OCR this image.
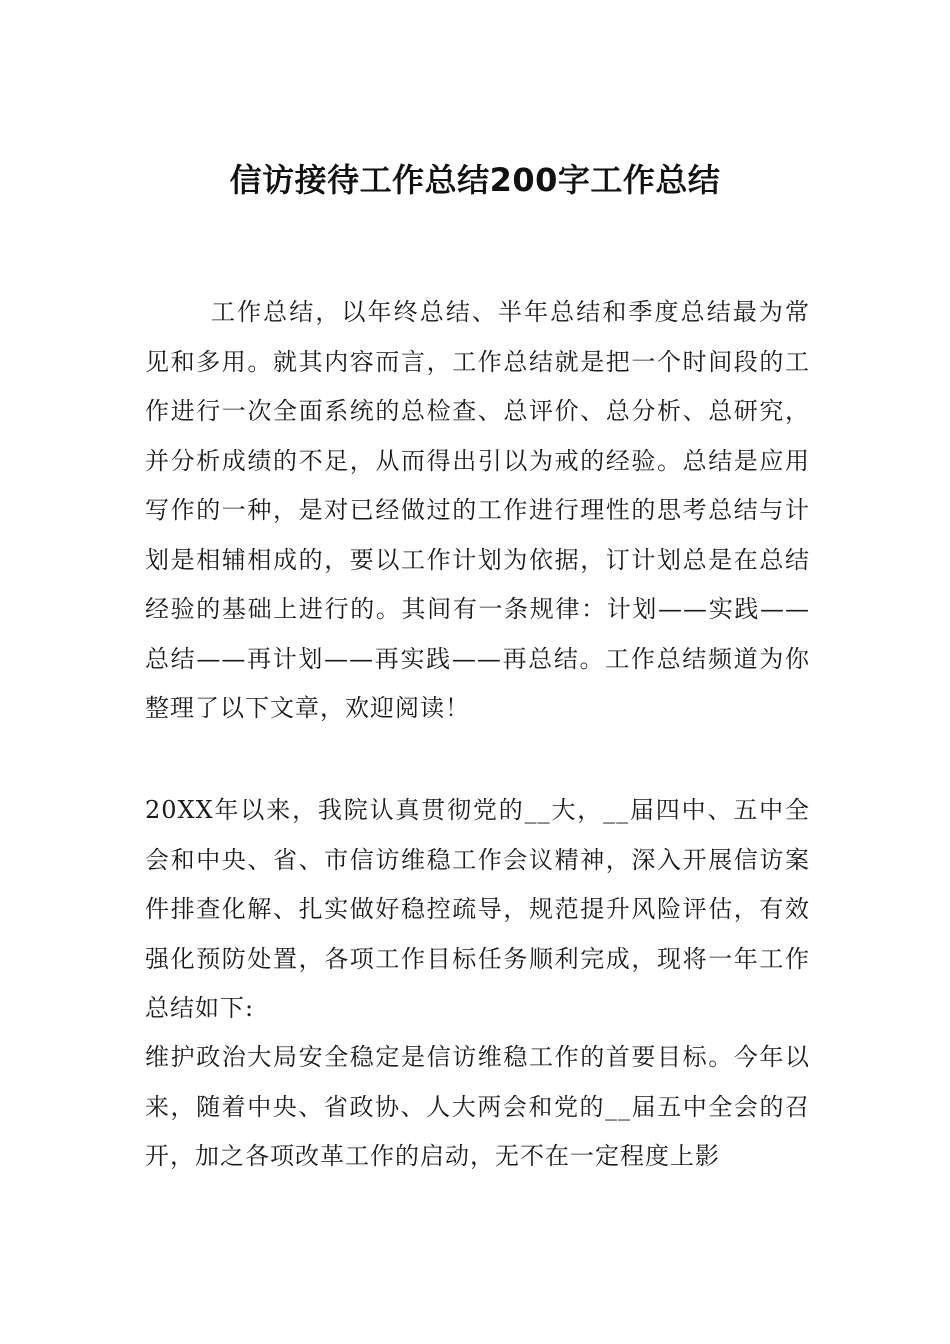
信访接待工作总结200字工作总结

工作总结，以年终总结、半年总结和季度总结最为常见和多用。就其内容而言，工作总结就是把一个时间段的工作进行一次全面系统的总检查、总评价、总分析、总研究，并分析成绩的不足，从而得出引以为戒的经验。总结是应用写作的一种，是对已经做过的工作进行理性的思考总结与计划是相辅相成的，要以工作计划为依据，订计划总是在总结经验的基础上进行的。其间有一条规律：计划——实践——总结——再计划——再实践——再总结。工作总结频道为你整理了以下文章，欢迎阅读！

20XX年以来，我院认真贯彻党的__大，__届四中、五中全会和中央、省、市信访维稳工作会议精神，深入开展信访案件排查化解、扎实做好稳控疏导，规范提升风险评估，有效强化预防处置，各项工作目标任务顺利完成，现将一年工作总结如下:

维护政治大局安全稳定是信访维稳工作的首要目标。今年以来，随着中央、省政协、人大两会和党的__届五中全会的召开，加之各项改革工作的启动，无不在一定程度上影
